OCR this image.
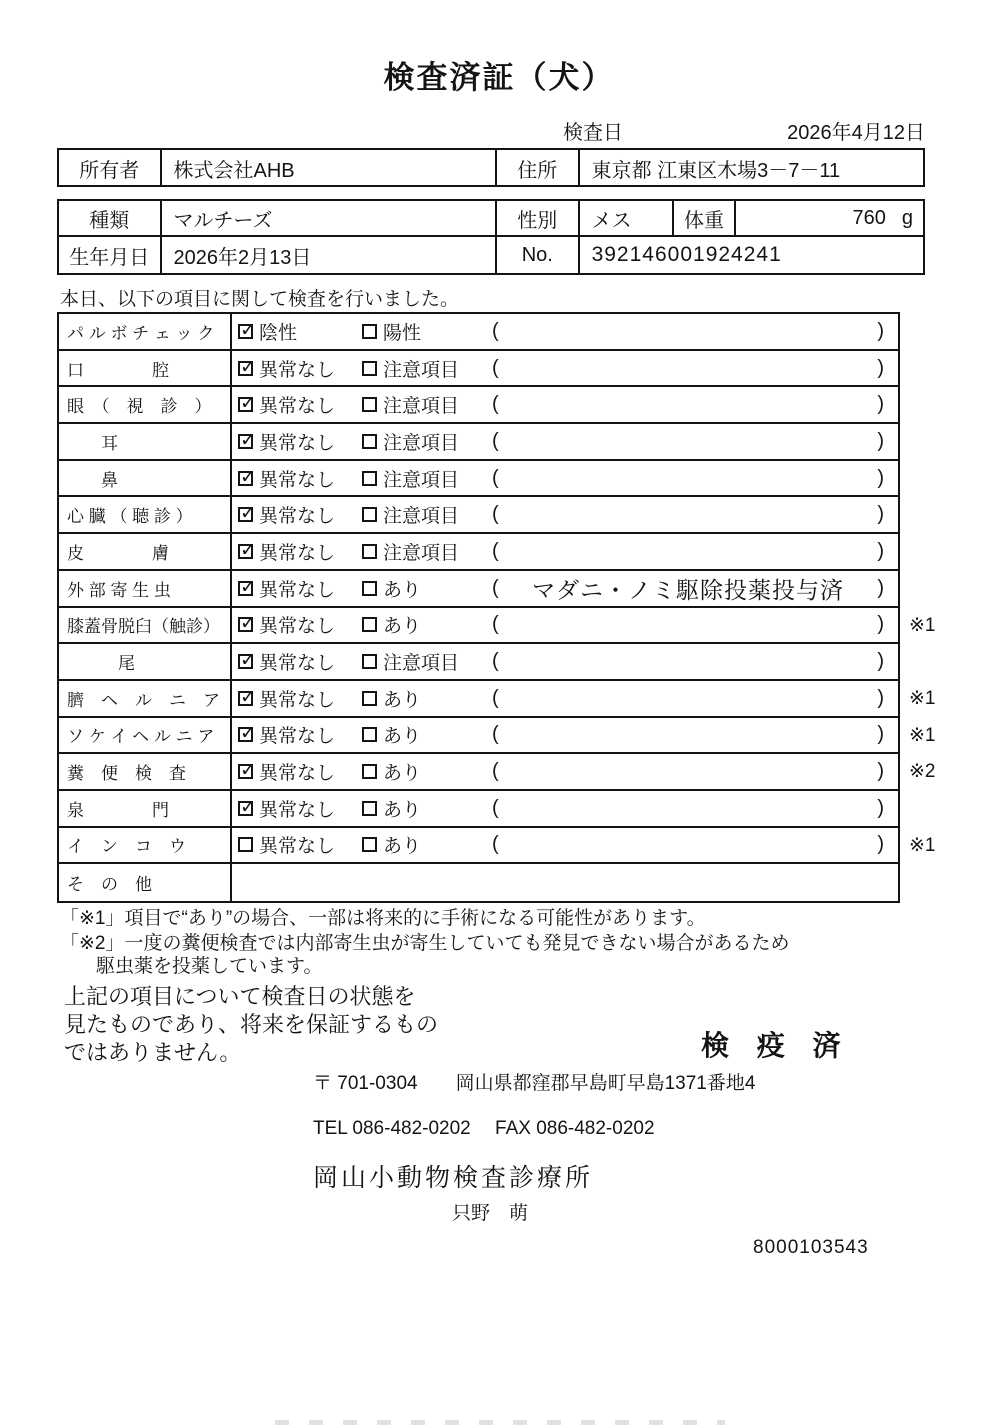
検査済証（犬）
検査日	2026年4月12日
所有者	株式会社AHB	住所	東京都 江東区木場3－7－11
種類	マルチーズ	性別	メス	体重	760 g
生年月日	2026年2月13日	No.	392146001924241
本日、以下の項目に関して検査を行いました。
パ ル ボ チ ェ ッ ク ✓	陰性	陽性	(	)
口　　　　腔 ✓	異常なし	注意項目 (	)
眼　（　視　診　） ✓	異常なし	注意項目 (	)
　　耳 ✓	異常なし	注意項目 (	)
　　鼻 ✓	異常なし	注意項目 (	)
心 臓 （ 聴 診 ） ✓	異常なし	注意項目 (	)
皮　　　　膚 ✓	異常なし	注意項目 (	)
外 部 寄 生 虫 ✓	異常なし	あり	(	マダニ・ノミ駆除投薬投与済	)
膝蓋骨脱臼（触診） ✓	異常なし	あり	(	) ※1
　　　尾 ✓	異常なし	注意項目 (	)
臍　ヘ　ル　ニ　ア ✓	異常なし	あり	(	) ※1
ソ ケ イ ヘ ル ニ ア ✓	異常なし	あり	(	) ※1
糞　便　検　査 ✓	異常なし	あり	(	) ※2
泉　　　　門 ✓	異常なし	あり	(	)
イ　ン　コ　ウ	異常なし	あり	(	) ※1
そ　の　他
「※1」項目で“あり”の場合、一部は将来的に手術になる可能性があります。
「※2」一度の糞便検査では内部寄生虫が寄生していても発見できない場合があるため
駆虫薬を投薬しています。
上記の項目について検査日の状態を
見たものであり、将来を保証するもの
ではありません。	検 疫 済
〒 701-0304 岡山県都窪郡早島町早島1371番地4
TEL 086-482-0202　 FAX 086-482-0202
岡山小動物検査診療所
只野　萌
8000103543
